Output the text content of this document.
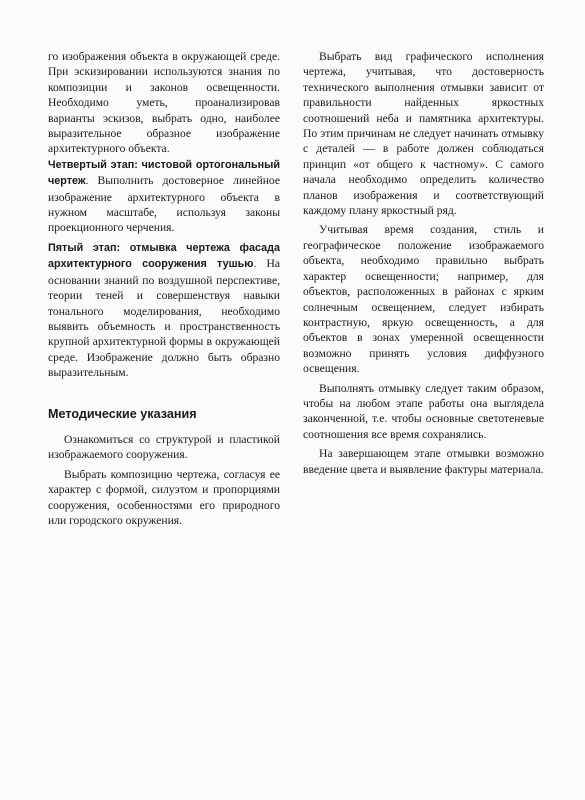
го изображения объекта в окружающей среде. При эскизировании используются знания по композиции и законов освещенности. Необходимо уметь, проанализировав варианты эскизов, выбрать одно, наиболее выразительное образное изображение архитектурного объекта.

Четвертый этап: чистовой ортогональный чертеж. Выполнить достоверное линейное изображение архитектурного объекта в нужном масштабе, используя законы проекционного черчения.

Пятый этап: отмывка чертежа фасада архитектурного сооружения тушью. На основании знаний по воздушной перспективе, теории теней и совершенствуя навыки тонального моделирования, необходимо выявить объемность и пространственность крупной архитектурной формы в окружающей среде. Изображение должно быть образно выразительным.

Методические указания

Ознакомиться со структурой и пластикой изображаемого сооружения.

Выбрать композицию чертежа, согласуя ее характер с формой, силуэтом и пропорциями сооружения, особенностями его природного или городского окружения.

Выбрать вид графического исполнения чертежа, учитывая, что достоверность технического выполнения отмывки зависит от правильности найденных яркостных соотношений неба и памятника архитектуры. По этим причинам не следует начинать отмывку с деталей — в работе должен соблюдаться принцип «от общего к частному». С самого начала необходимо определить количество планов изображения и соответствующий каждому плану яркостный ряд.

Учитывая время создания, стиль и географическое положение изображаемого объекта, необходимо правильно выбрать характер освещенности; например, для объектов, расположенных в районах с ярким солнечным освещением, следует избирать контрастную, яркую освещенность, а для объектов в зонах умеренной освещенности возможно принять условия диффузного освещения.

Выполнять отмывку следует таким образом, чтобы на любом этапе работы она выглядела законченной, т.е. чтобы основные светотеневые соотношения все время сохранялись.

На завершающем этапе отмывки возможно введение цвета и выявление фактуры материала.
